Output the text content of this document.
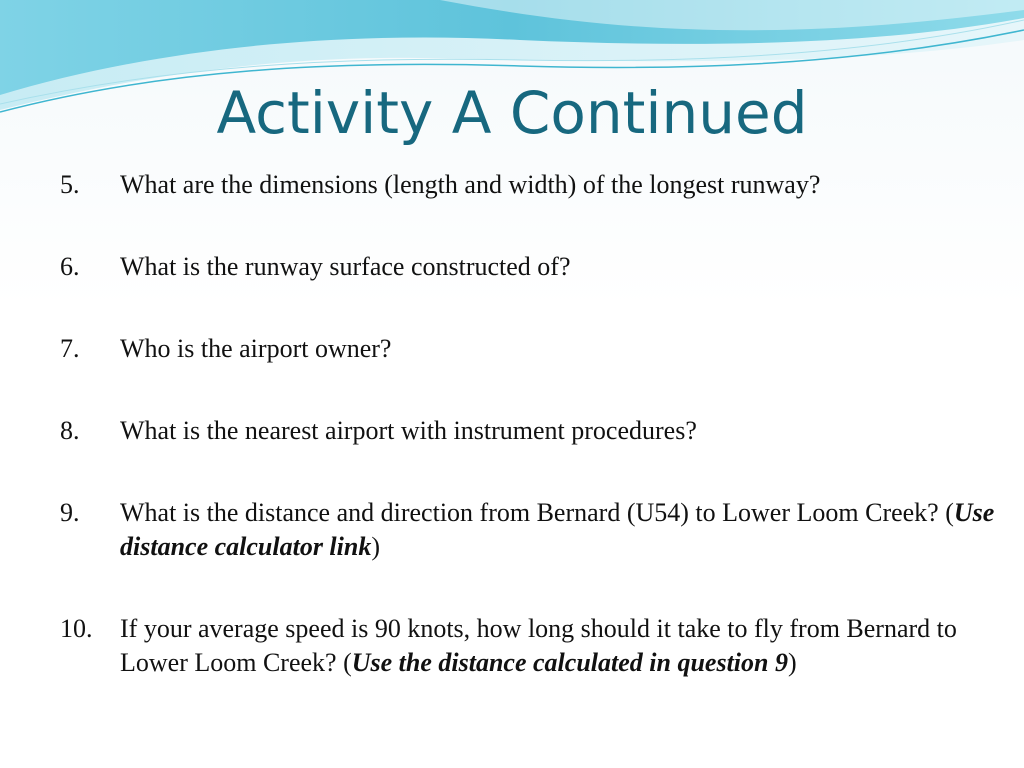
Activity A Continued
5.	What are the dimensions (length and width) of the longest runway?
6.	What is the runway surface constructed of?
7.	Who is the airport owner?
8.	What is the nearest airport with instrument procedures?
9.	What is the distance and direction from Bernard (U54) to Lower Loom Creek? (Use distance calculator link)
10.	If your average speed is 90 knots, how long should it take to fly from Bernard to Lower Loom Creek? (Use the distance calculated in question 9)
